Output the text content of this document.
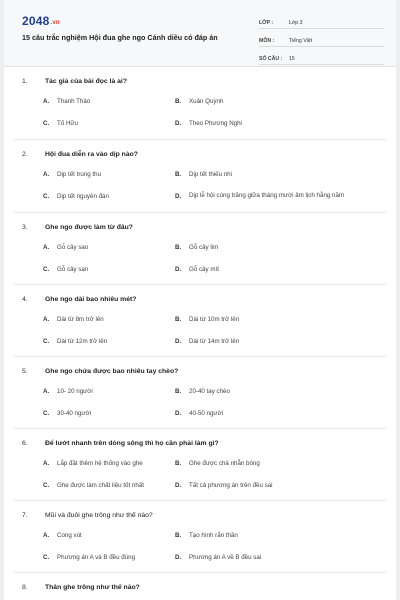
2048.vn
15 câu trắc nghiệm Hội đua ghe ngo Cánh diều có đáp án
LỚP :	Lớp 3
MÔN :	Tiếng Việt
SỐ CÂU :	15
1.	Tác giả của bài đọc là ai?
A.	Thanh Thảo	B.	Xuân Quỳnh
C.	Tố Hữu	D.	Theo Phương Nghi
2.	Hội đua diễn ra vào dịp nào?
A.	Dịp tết trung thu	B.	Dịp tết thiếu nhi
C.	Dịp tết nguyên đán	D.	Dịp lễ hội cúng trăng giữa tháng mười âm lịch hằng năm
3.	Ghe ngo được làm từ đâu?
A.	Gỗ cây sao	B.	Gỗ cây lim
C.	Gỗ cây sạn	D.	Gỗ cây mít
4.	Ghe ngo dài bao nhiêu mét?
A.	Dài từ 8m trở lên	B.	Dài từ 10m trở lên
C.	Dài từ 12m trở lên	D.	Dài từ 14m trở lên
5.	Ghe ngo chứa được bao nhiêu tay chèo?
A.	10- 20 người	B.	20-40 tay chèo
C.	30-40 người	D.	40-50 người
6.	Để lướt nhanh trên dòng sông thì họ cần phải làm gì?
A.	Lắp đặt thêm hệ thống vào ghe	B.	Ghe được chà nhẵn bóng
C.	Ghe được làm chất liệu tốt nhất	D.	Tất cả phương án trên đều sai
7.	Mũi và đuôi ghe trông như thế nào?
A.	Cong vút	B.	Tạo hình rắn thần
C.	Phương án A và B đều đúng	D.	Phương án A về B đều sai
8.	Thân ghe trông như thế nào?
